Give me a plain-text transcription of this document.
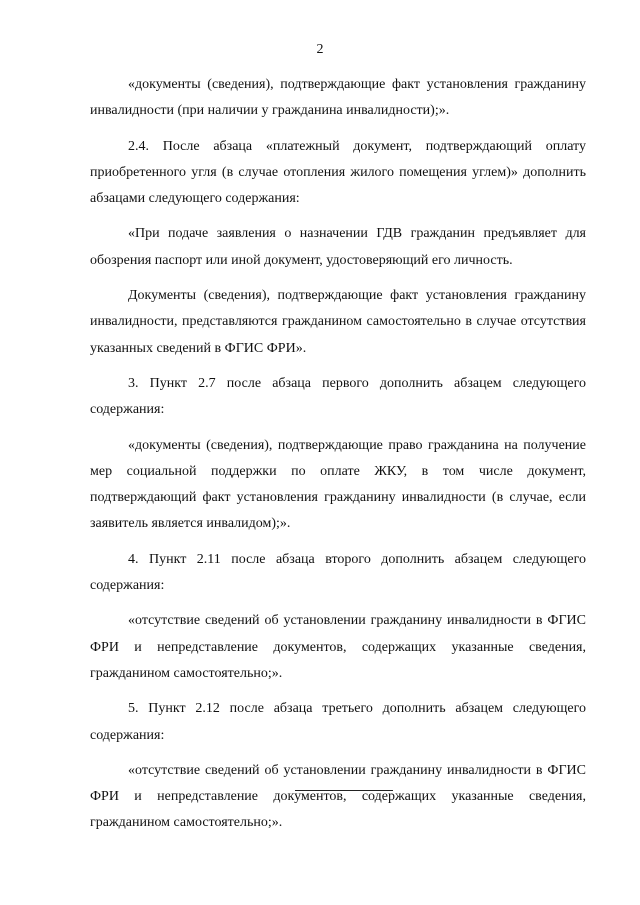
2

«документы (сведения), подтверждающие факт установления гражданину инвалидности (при наличии у гражданина инвалидности);».

2.4. После абзаца «платежный документ, подтверждающий оплату приобретенного угля (в случае отопления жилого помещения углем)» дополнить абзацами следующего содержания:

«При подаче заявления о назначении ГДВ гражданин предъявляет для обозрения паспорт или иной документ, удостоверяющий его личность.

Документы (сведения), подтверждающие факт установления гражданину инвалидности, представляются гражданином самостоятельно в случае отсутствия указанных сведений в ФГИС ФРИ».

3. Пункт 2.7 после абзаца первого дополнить абзацем следующего содержания:

«документы (сведения), подтверждающие право гражданина на получение мер социальной поддержки по оплате ЖКУ, в том числе документ, подтверждающий факт установления гражданину инвалидности (в случае, если заявитель является инвалидом);».

4. Пункт 2.11 после абзаца второго дополнить абзацем следующего содержания:

«отсутствие сведений об установлении гражданину инвалидности в ФГИС ФРИ и непредставление документов, содержащих указанные сведения, гражданином самостоятельно;».

5. Пункт 2.12 после абзаца третьего дополнить абзацем следующего содержания:

«отсутствие сведений об установлении гражданину инвалидности в ФГИС ФРИ и непредставление документов, содержащих указанные сведения, гражданином самостоятельно;».
